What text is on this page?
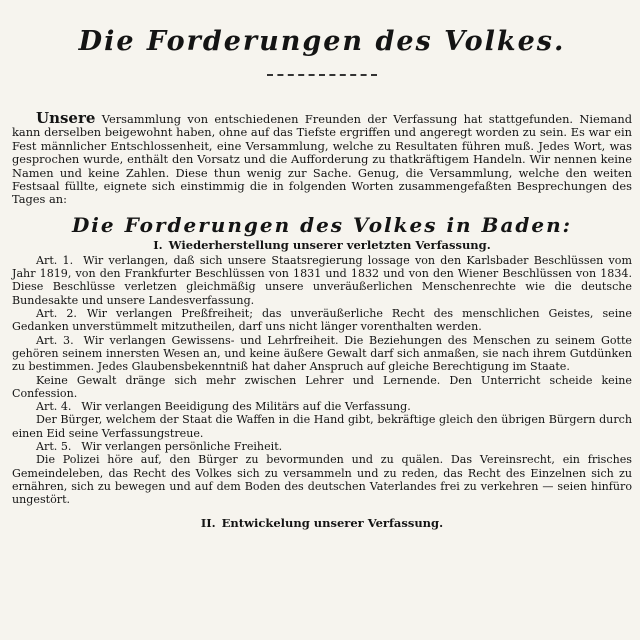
Die Forderungen des Volkes.

Unsere Versammlung von entschiedenen Freunden der Verfassung hat stattgefunden. Niemand kann derselben beigewohnt haben, ohne auf das Tiefste ergriffen und angeregt worden zu sein. Es war ein Fest männlicher Entschlossenheit, eine Versammlung, welche zu Resultaten führen muß. Jedes Wort, was gesprochen wurde, enthält den Vorsatz und die Aufforderung zu thatkräftigem Handeln. Wir nennen keine Namen und keine Zahlen. Diese thun wenig zur Sache. Genug, die Versammlung, welche den weiten Festsaal füllte, eignete sich einstimmig die in folgenden Worten zusammengefaßten Besprechungen des Tages an:

Die Forderungen des Volkes in Baden:
I. Wiederherstellung unserer verletzten Verfassung.

Art. 1. Wir verlangen, daß sich unsere Staatsregierung lossage von den Karlsbader Beschlüssen vom Jahr 1819, von den Frankfurter Beschlüssen von 1831 und 1832 und von den Wiener Beschlüssen von 1834. Diese Beschlüsse verletzen gleichmäßig unsere unveräußerlichen Menschenrechte wie die deutsche Bundesakte und unsere Landesverfassung.

Art. 2. Wir verlangen Preßfreiheit; das unveräußerliche Recht des menschlichen Geistes, seine Gedanken unverstümmelt mitzutheilen, darf uns nicht länger vorenthalten werden.

Art. 3. Wir verlangen Gewissens- und Lehrfreiheit. Die Beziehungen des Menschen zu seinem Gotte gehören seinem innersten Wesen an, und keine äußere Gewalt darf sich anmaßen, sie nach ihrem Gutdünken zu bestimmen. Jedes Glaubensbekenntniß hat daher Anspruch auf gleiche Berechtigung im Staate.

Keine Gewalt dränge sich mehr zwischen Lehrer und Lernende. Den Unterricht scheide keine Confession.

Art. 4. Wir verlangen Beeidigung des Militärs auf die Verfassung.

Der Bürger, welchem der Staat die Waffen in die Hand gibt, bekräftige gleich den übrigen Bürgern durch einen Eid seine Verfassungstreue.

Art. 5. Wir verlangen persönliche Freiheit.

Die Polizei höre auf, den Bürger zu bevormunden und zu quälen. Das Vereinsrecht, ein frisches Gemeindeleben, das Recht des Volkes sich zu versammeln und zu reden, das Recht des Einzelnen sich zu ernähren, sich zu bewegen und auf dem Boden des deutschen Vaterlandes frei zu verkehren — seien hinfüro ungestört.

II. Entwickelung unserer Verfassung.
